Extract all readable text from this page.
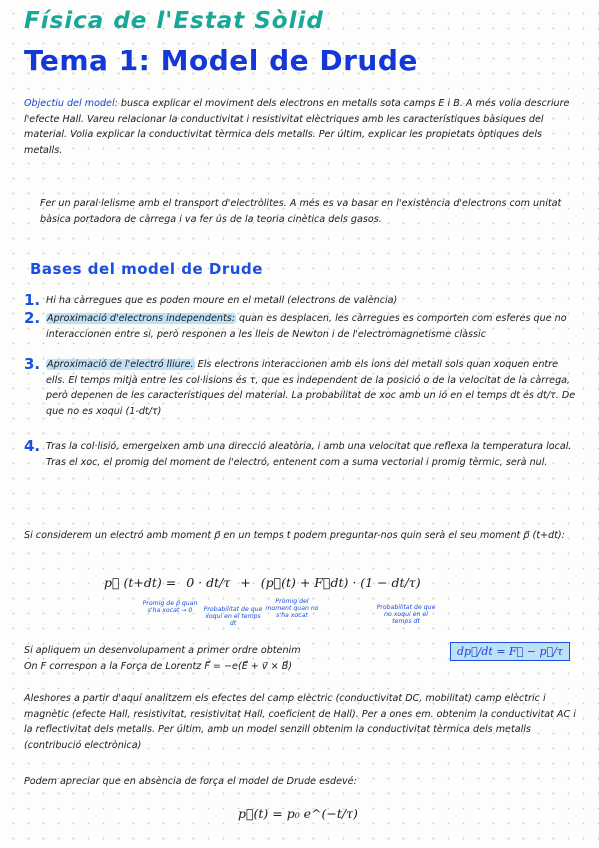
Física de l'Estat Sòlid
Tema 1: Model de Drude
Objectiu del model: busca explicar el moviment dels electrons en metalls sota camps E i B. A més volia descriure l'efecte Hall. Vareu relacionar la conductivitat i resistivitat elèctriques amb les característiques bàsiques del material. Volia explicar la conductivitat tèrmica dels metalls. Per últim, explicar les propietats òptiques dels metalls.
Fer un paral·lelisme amb el transport d'electròlites. A més es va basar en l'existència d'electrons com unitat bàsica portadora de càrrega i va fer ús de la teoria cinètica dels gasos.
Bases del model de Drude
1. Hi ha càrregues que es poden moure en el metall (electrons de valència)
2. Aproximació d'electrons independents: quan es desplacen, les càrregues es comporten com esferes que no interaccionen entre si, però responen a les lleis de Newton i de l'electromagnetisme clàssic
3. Aproximació de l'electró lliure. Els electrons interaccionen amb els ions del metall sols quan xoquen entre ells. El temps mitjà entre les col·lisions és τ, que es independent de la posició o de la velocitat de la càrrega, però depenen de les característiques del material. La probabilitat de xoc amb un ió en el temps dt és dt/τ. De que no es xoqui (1-dt/τ)
4. Tras la col·lisió, emergeixen amb una direcció aleatòria, i amb una velocitat que reflexa la temperatura local. Tras el xoc, el promig del moment de l'electró, entenent com a suma vectorial i promig tèrmic, serà nul.
Si considerem un electró amb moment p⃗ en un temps t podem preguntar-nos quin serà el seu moment p⃗ (t+dt):
p⃗ (t+dt) = 0 · dt/τ + (p⃗(t) + F⃗dt) · (1 − dt/τ)
Promig de p⃗ quan s'ha xocat → 0	Probabilitat de que xoqui en el temps dt
Promig del moment quan no s'ha xocat
Probabilitat de que no xoqui en el temps dt
Si apliquem un desenvolupament a primer ordre obtenim
On F correspon a la Força de Lorentz F⃗ = −e(E⃗ + v⃗ × B⃗)
dp⃗/dt = F⃗ − p⃗/τ
Aleshores a partir d'aquí analitzem els efectes del camp elèctric (conductivitat DC, mobilitat) camp elèctric i magnètic (efecte Hall, resistivitat, resistivitat Hall, coeficient de Hall). Per a ones em. obtenim la conductivitat AC i la reflectivitat dels metalls. Per últim, amb un model senzill obtenim la conductivitat tèrmica dels metalls (contribució electrònica)
Podem apreciar que en absència de força el model de Drude esdevé:
p⃗(t) = p₀ e^(−t/τ)
